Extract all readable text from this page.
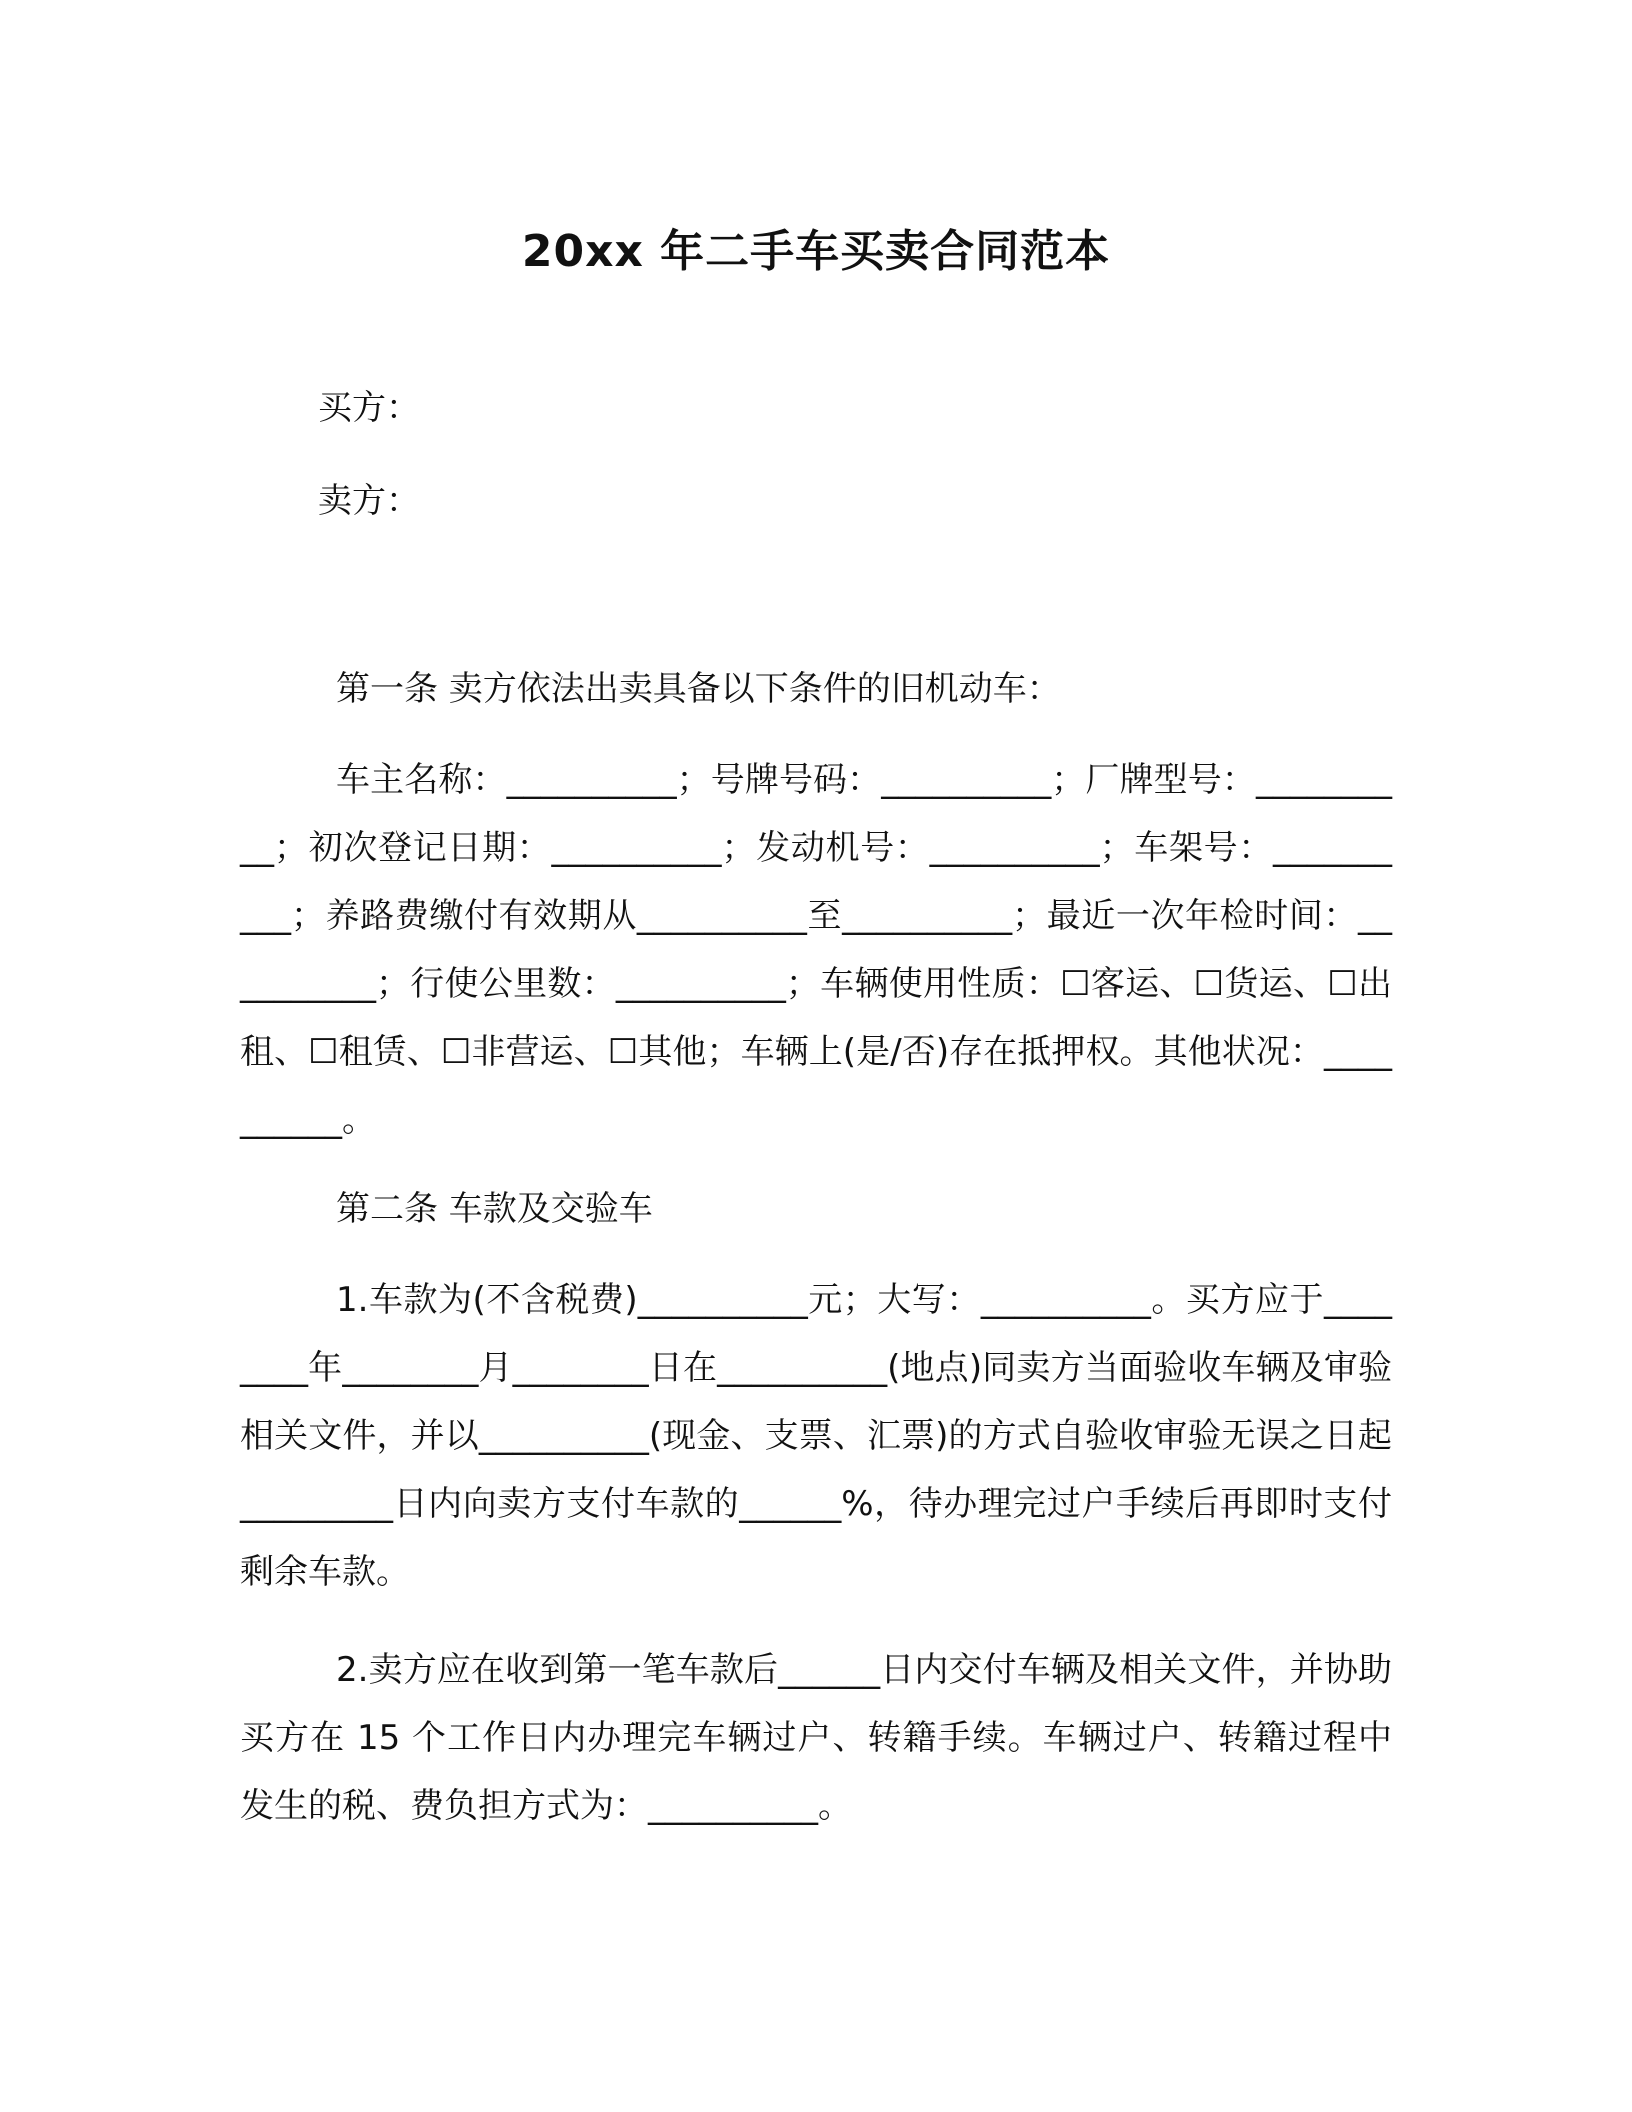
20xx 年二手车买卖合同范本
买方：
卖方：
第一条 卖方依法出卖具备以下条件的旧机动车：

车主名称：__________；号牌号码：__________；厂牌型号：__________；初次登记日期：__________；发动机号：__________；车架号：__________；养路费缴付有效期从__________至__________；最近一次年检时间：__________；行使公里数：__________；车辆使用性质：☐客运、☐货运、☐出租、☐租赁、☐非营运、☐其他；车辆上(是/否)存在抵押权。其他状况：__________。

第二条 车款及交验车

1.车款为(不含税费)__________元；大写：__________。买方应于________年________月________日在__________(地点)同卖方当面验收车辆及审验相关文件，并以__________(现金、支票、汇票)的方式自验收审验无误之日起_________日内向卖方支付车款的______%，待办理完过户手续后再即时支付剩余车款。

2.卖方应在收到第一笔车款后______日内交付车辆及相关文件，并协助买方在 15 个工作日内办理完车辆过户、转籍手续。车辆过户、转籍过程中发生的税、费负担方式为：__________。
